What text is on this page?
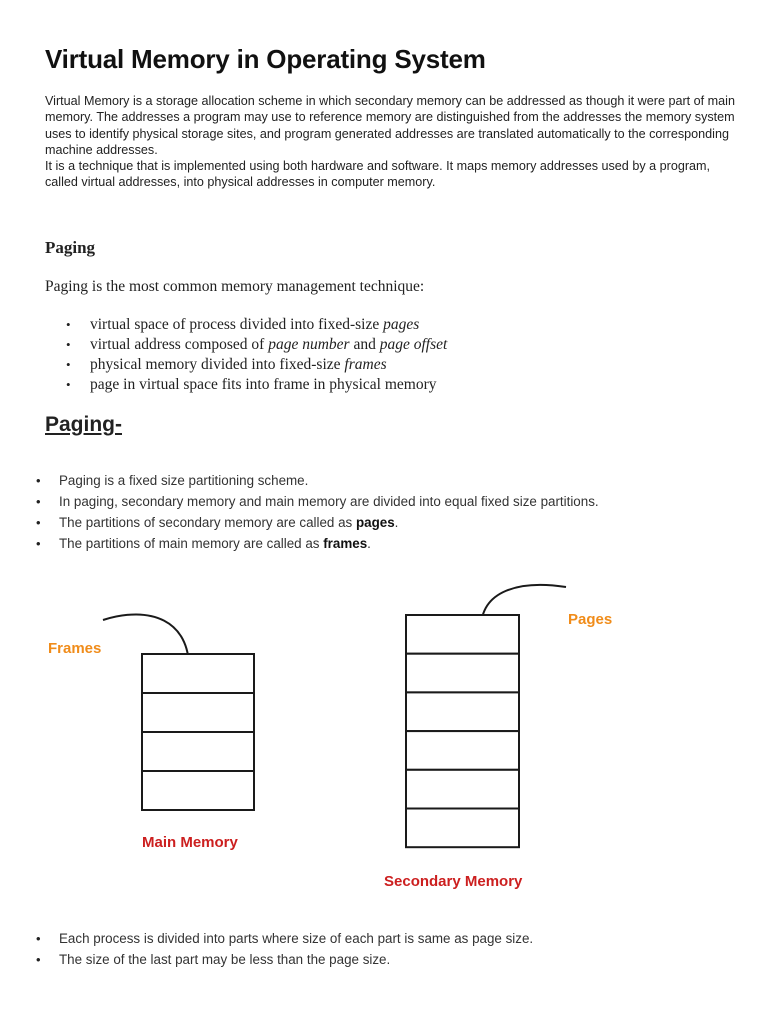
Virtual Memory in Operating System

Virtual Memory is a storage allocation scheme in which secondary memory can be addressed as though it were part of main memory. The addresses a program may use to reference memory are distinguished from the addresses the memory system uses to identify physical storage sites, and program generated addresses are translated automatically to the corresponding machine addresses.

It is a technique that is implemented using both hardware and software. It maps memory addresses used by a program, called virtual addresses, into physical addresses in computer memory.

Paging

Paging is the most common memory management technique:

• virtual space of process divided into fixed-size pages
• virtual address composed of page number and page offset
• physical memory divided into fixed-size frames
• page in virtual space fits into frame in physical memory
Paging-
• Paging is a fixed size partitioning scheme.
• In paging, secondary memory and main memory are divided into equal fixed size partitions.
• The partitions of secondary memory are called as pages.
• The partitions of main memory are called as frames.
Frames
Main Memory
Pages
Secondary Memory
• Each process is divided into parts where size of each part is same as page size.
• The size of the last part may be less than the page size.
